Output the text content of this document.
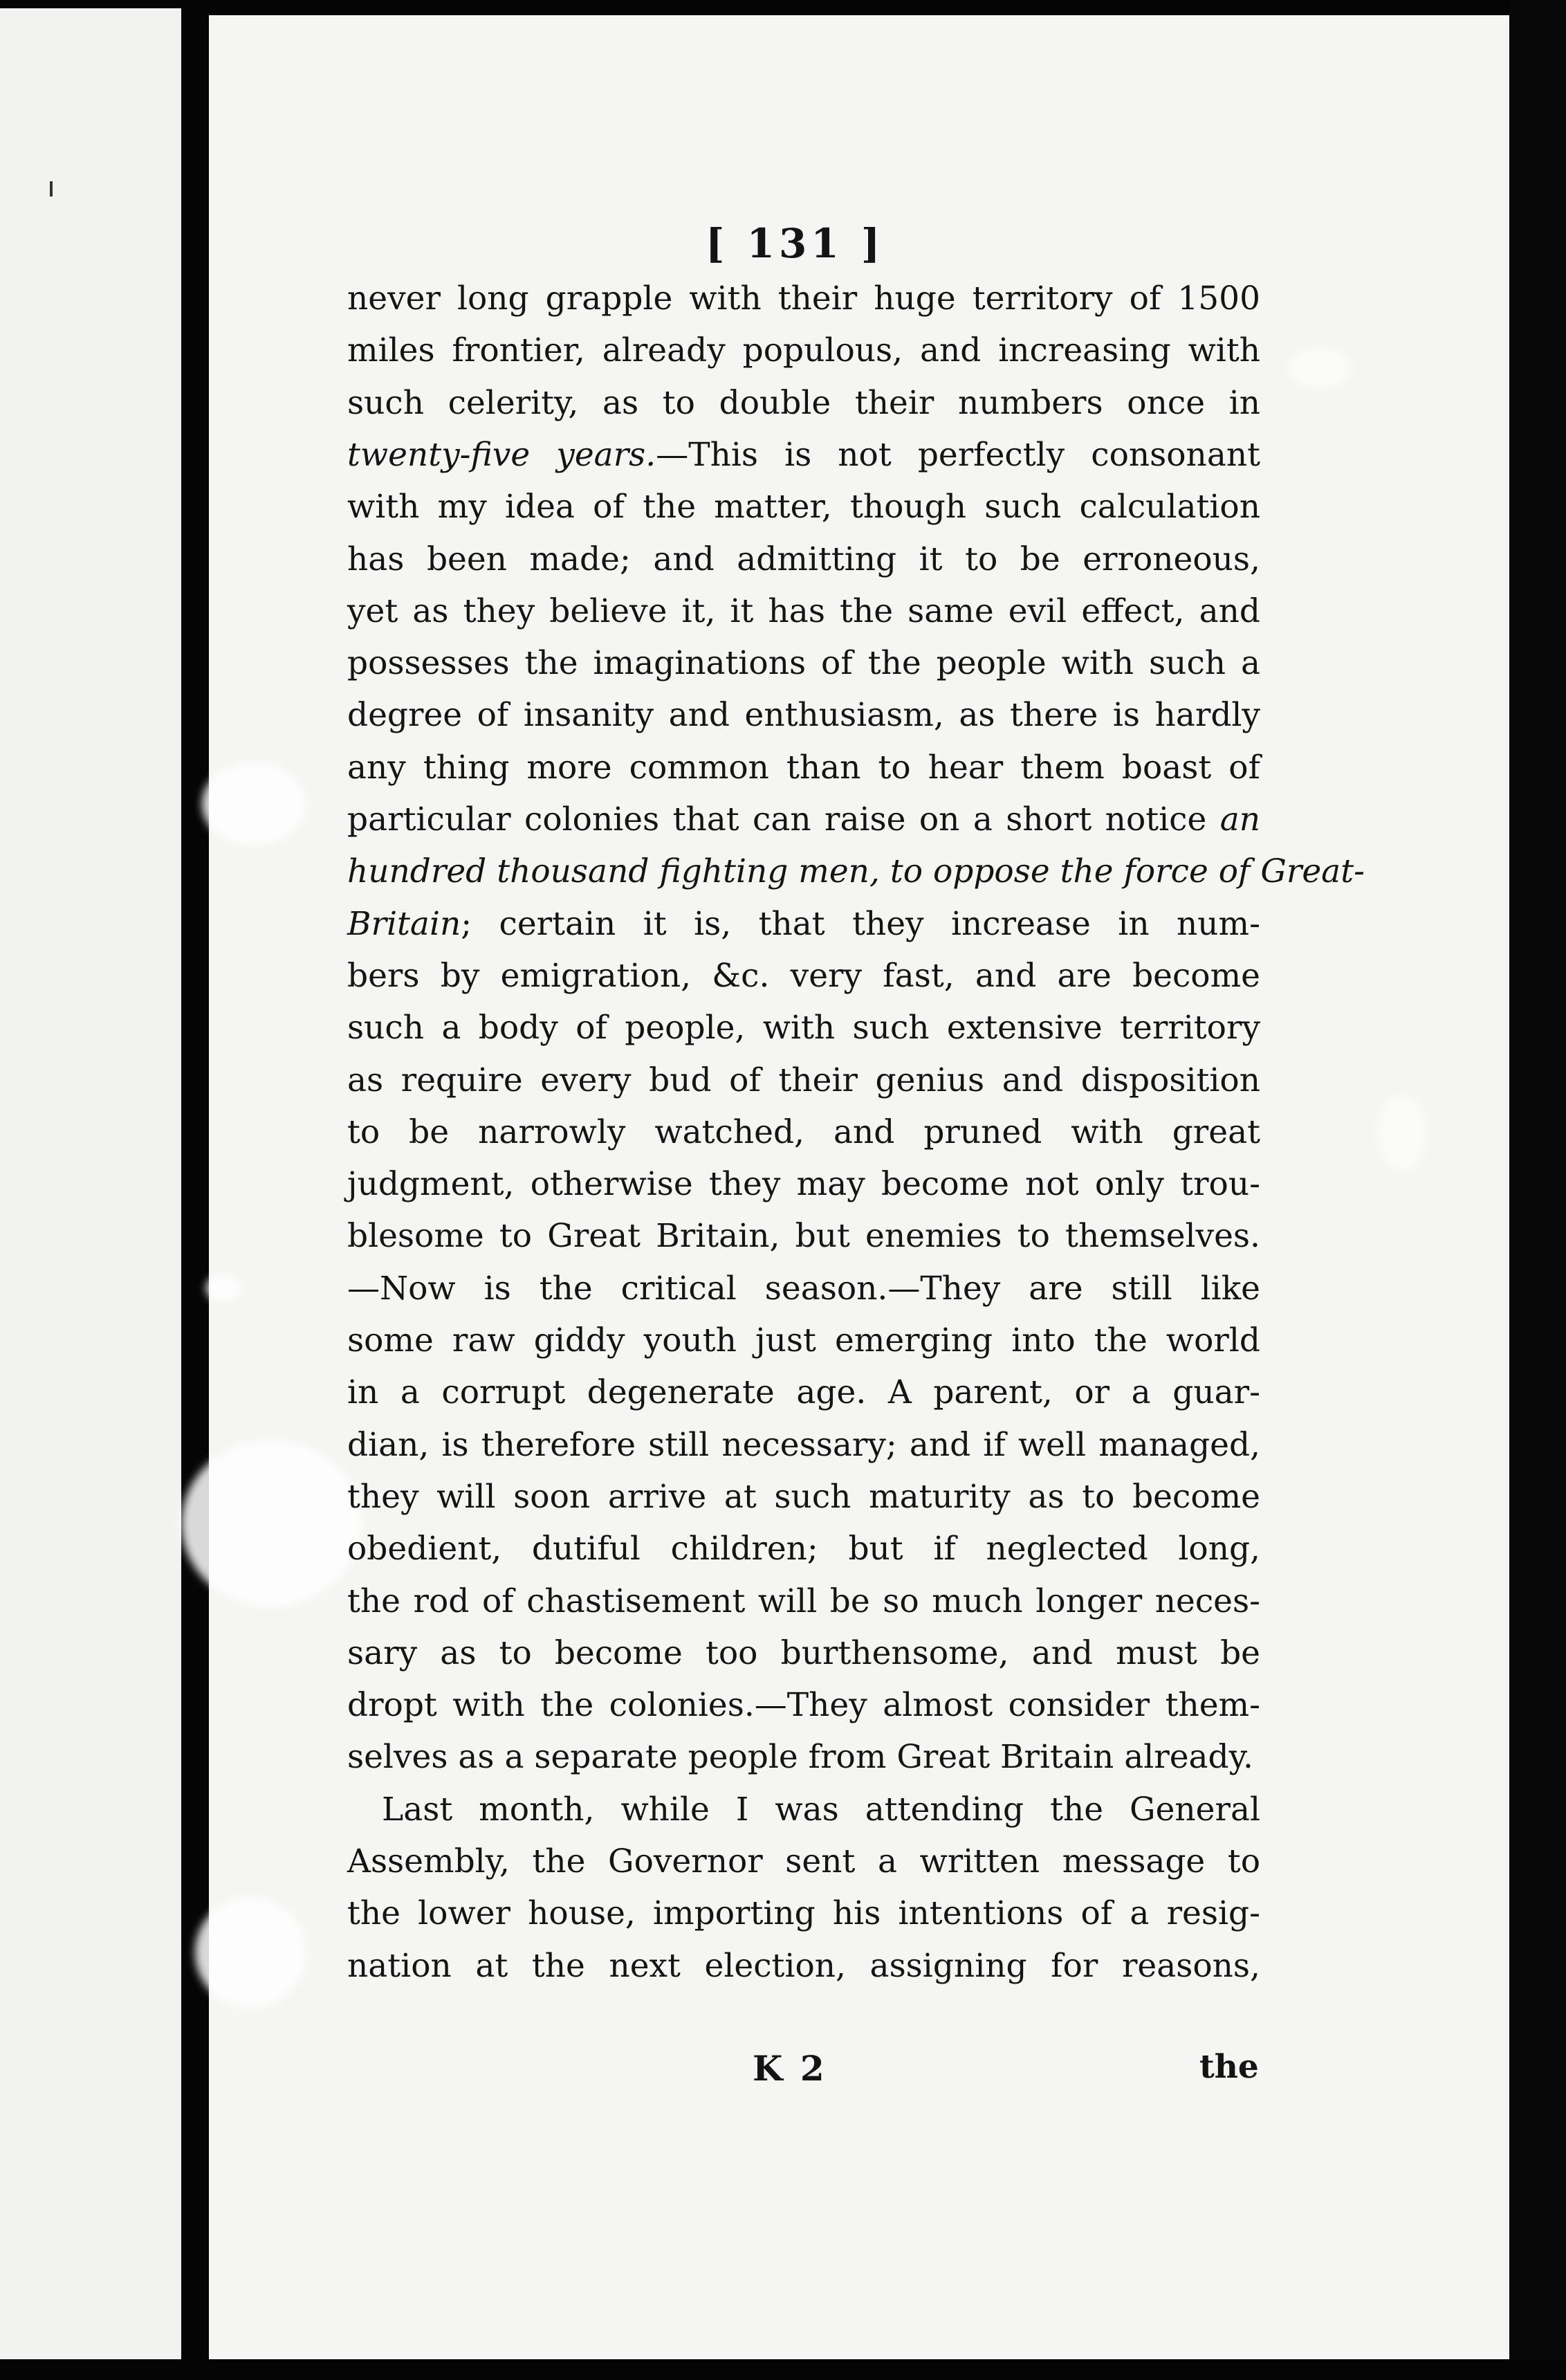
[ 131 ]
never long grapple with their huge territory of 1500
miles frontier, already populous, and increasing with
such celerity, as to double their numbers once in
twenty-five years.—This is not perfectly consonant
with my idea of the matter, though such calculation
has been made; and admitting it to be erroneous,
yet as they believe it, it has the same evil effect, and
possesses the imaginations of the people with such a
degree of insanity and enthusiasm, as there is hardly
any thing more common than to hear them boast of
particular colonies that can raise on a short notice an
hundred thousand fighting men, to oppose the force of Great-
Britain; certain it is, that they increase in num-
bers by emigration, &c. very fast, and are become
such a body of people, with such extensive territory
as require every bud of their genius and disposition
to be narrowly watched, and pruned with great
judgment, otherwise they may become not only trou-
blesome to Great Britain, but enemies to themselves.
—Now is the critical season.—They are still like
some raw giddy youth just emerging into the world
in a corrupt degenerate age. A parent, or a guar-
dian, is therefore still necessary; and if well managed,
they will soon arrive at such maturity as to become
obedient, dutiful children; but if neglected long,
the rod of chastisement will be so much longer neces-
sary as to become too burthensome, and must be
dropt with the colonies.—They almost consider them-
selves as a separate people from Great Britain already.
Last month, while I was attending the General
Assembly, the Governor sent a written message to
the lower house, importing his intentions of a resig-
nation at the next election, assigning for reasons,
K 2	the
